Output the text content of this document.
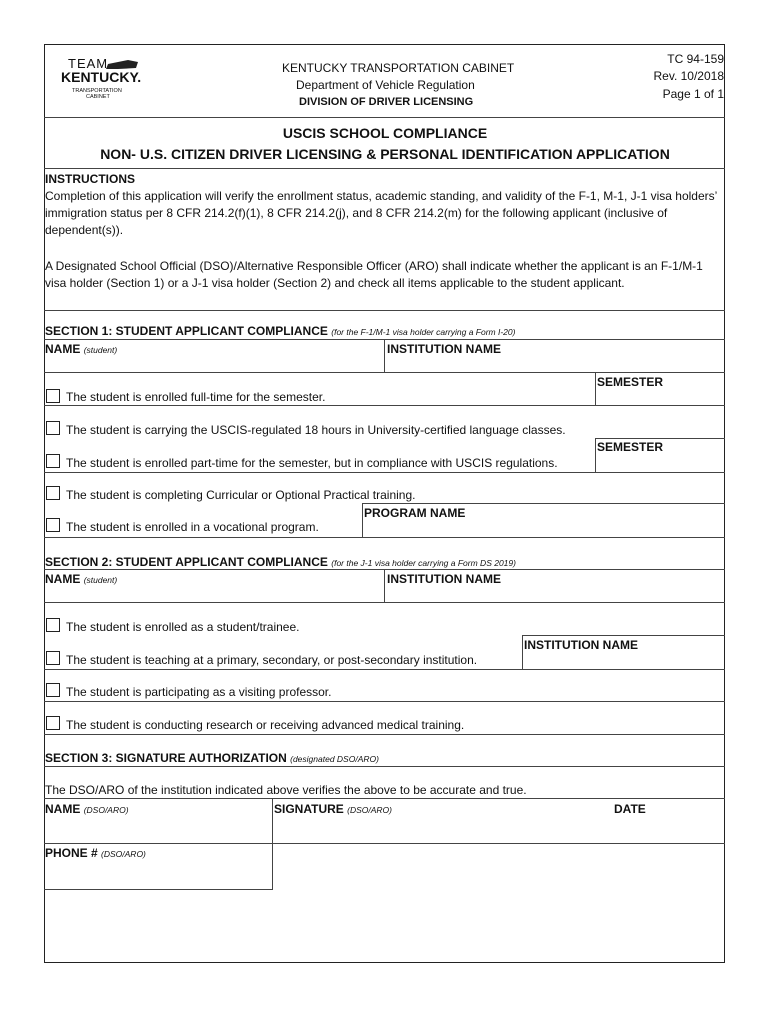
TEAM
KENTUCKY.
TRANSPORTATION
CABINET
KENTUCKY TRANSPORTATION CABINET
Department of Vehicle Regulation
DIVISION OF DRIVER LICENSING
TC 94-159
Rev. 10/2018
Page 1 of 1
USCIS SCHOOL COMPLIANCE
NON- U.S. CITIZEN DRIVER LICENSING & PERSONAL IDENTIFICATION APPLICATION
INSTRUCTIONS
Completion of this application will verify the enrollment status, academic standing, and validity of the F-1, M-1, J-1 visa holders’ immigration status per 8 CFR 214.2(f)(1), 8 CFR 214.2(j), and 8 CFR 214.2(m) for the following applicant (inclusive of dependent(s)).
A Designated School Official (DSO)/Alternative Responsible Officer (ARO) shall indicate whether the applicant is an F-1/M-1 visa holder (Section 1) or a J-1 visa holder (Section 2) and check all items applicable to the student applicant.
SECTION 1: STUDENT APPLICANT COMPLIANCE (for the F-1/M-1 visa holder carrying a Form I-20)
NAME (student)	INSTITUTION NAME
SEMESTER
The student is enrolled full-time for the semester.
The student is carrying the USCIS-regulated 18 hours in University-certified language classes.
SEMESTER
The student is enrolled part-time for the semester, but in compliance with USCIS regulations.
The student is completing Curricular or Optional Practical training.
PROGRAM NAME
The student is enrolled in a vocational program.
SECTION 2: STUDENT APPLICANT COMPLIANCE (for the J-1 visa holder carrying a Form DS 2019)
NAME (student)	INSTITUTION NAME
The student is enrolled as a student/trainee.
INSTITUTION NAME
The student is teaching at a primary, secondary, or post-secondary institution.
The student is participating as a visiting professor.
The student is conducting research or receiving advanced medical training.
SECTION 3: SIGNATURE AUTHORIZATION (designated DSO/ARO)
The DSO/ARO of the institution indicated above verifies the above to be accurate and true.
NAME (DSO/ARO)	SIGNATURE (DSO/ARO)	DATE
PHONE # (DSO/ARO)
